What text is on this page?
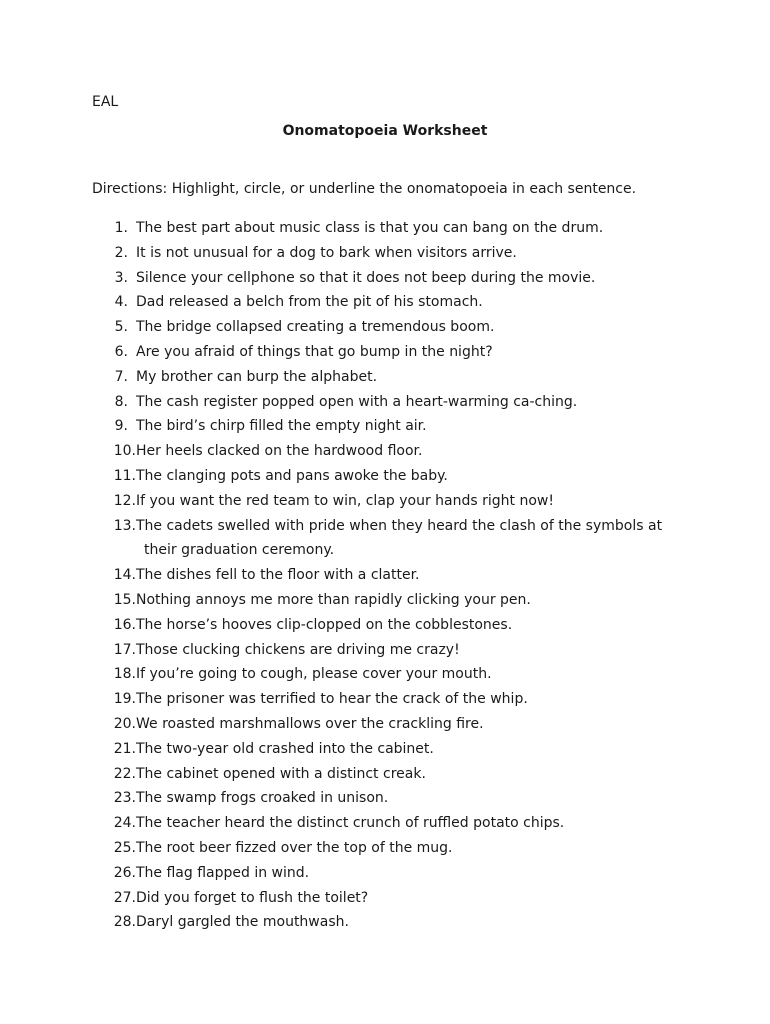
EAL
Onomatopoeia Worksheet
Directions: Highlight, circle, or underline the onomatopoeia in each sentence.
1. The best part about music class is that you can bang on the drum.
2. It is not unusual for a dog to bark when visitors arrive.
3. Silence your cellphone so that it does not beep during the movie.
4. Dad released a belch from the pit of his stomach.
5. The bridge collapsed creating a tremendous boom.
6. Are you afraid of things that go bump in the night?
7. My brother can burp the alphabet.
8. The cash register popped open with a heart-warming ca-ching.
9. The bird’s chirp filled the empty night air.
10. Her heels clacked on the hardwood floor.
11. The clanging pots and pans awoke the baby.
12. If you want the red team to win, clap your hands right now!
13. The cadets swelled with pride when they heard the clash of the symbols at
their graduation ceremony.
14. The dishes fell to the floor with a clatter.
15. Nothing annoys me more than rapidly clicking your pen.
16. The horse’s hooves clip-clopped on the cobblestones.
17. Those clucking chickens are driving me crazy!
18. If you’re going to cough, please cover your mouth.
19. The prisoner was terrified to hear the crack of the whip.
20. We roasted marshmallows over the crackling fire.
21. The two-year old crashed into the cabinet.
22. The cabinet opened with a distinct creak.
23. The swamp frogs croaked in unison.
24. The teacher heard the distinct crunch of ruffled potato chips.
25. The root beer fizzed over the top of the mug.
26. The flag flapped in wind.
27. Did you forget to flush the toilet?
28. Daryl gargled the mouthwash.
